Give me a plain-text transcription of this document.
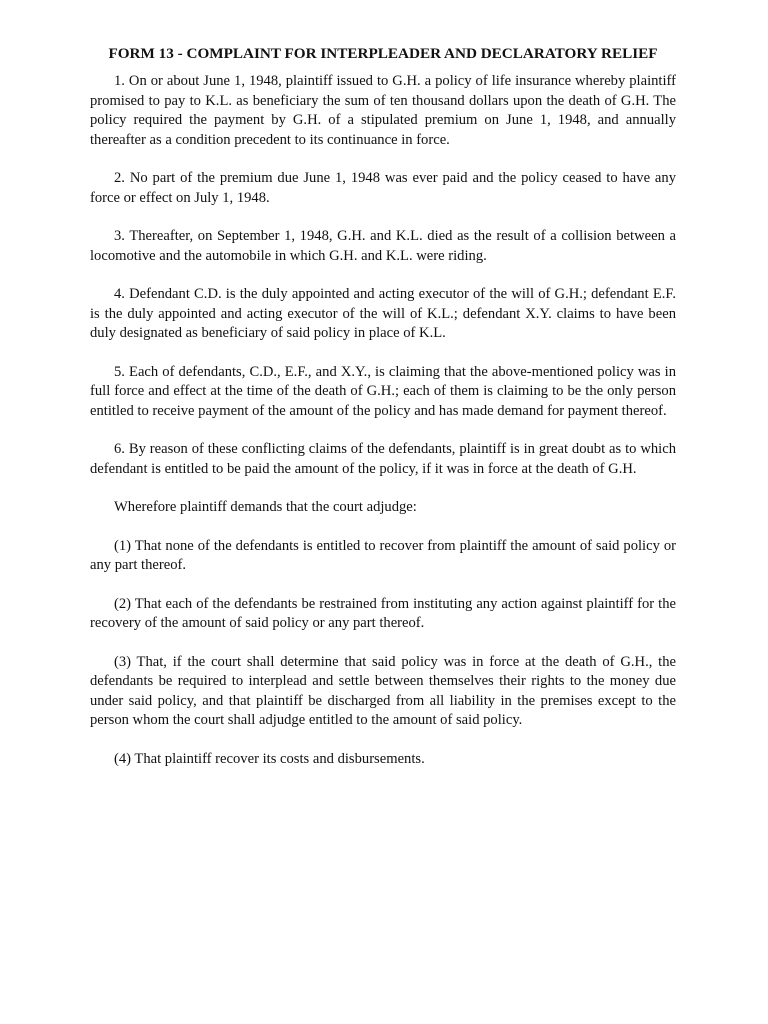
FORM 13 - COMPLAINT FOR INTERPLEADER AND DECLARATORY RELIEF

1. On or about June 1, 1948, plaintiff issued to G.H. a policy of life insurance whereby plaintiff promised to pay to K.L. as beneficiary the sum of ten thousand dollars upon the death of G.H. The policy required the payment by G.H. of a stipulated premium on June 1, 1948, and annually thereafter as a condition precedent to its continuance in force.

2. No part of the premium due June 1, 1948 was ever paid and the policy ceased to have any force or effect on July 1, 1948.

3. Thereafter, on September 1, 1948, G.H. and K.L. died as the result of a collision between a locomotive and the automobile in which G.H. and K.L. were riding.

4. Defendant C.D. is the duly appointed and acting executor of the will of G.H.; defendant E.F. is the duly appointed and acting executor of the will of K.L.; defendant X.Y. claims to have been duly designated as beneficiary of said policy in place of K.L.

5. Each of defendants, C.D., E.F., and X.Y., is claiming that the above-mentioned policy was in full force and effect at the time of the death of G.H.; each of them is claiming to be the only person entitled to receive payment of the amount of the policy and has made demand for payment thereof.

6. By reason of these conflicting claims of the defendants, plaintiff is in great doubt as to which defendant is entitled to be paid the amount of the policy, if it was in force at the death of G.H.

Wherefore plaintiff demands that the court adjudge:

(1) That none of the defendants is entitled to recover from plaintiff the amount of said policy or any part thereof.

(2) That each of the defendants be restrained from instituting any action against plaintiff for the recovery of the amount of said policy or any part thereof.

(3) That, if the court shall determine that said policy was in force at the death of G.H., the defendants be required to interplead and settle between themselves their rights to the money due under said policy, and that plaintiff be discharged from all liability in the premises except to the person whom the court shall adjudge entitled to the amount of said policy.

(4) That plaintiff recover its costs and disbursements.
